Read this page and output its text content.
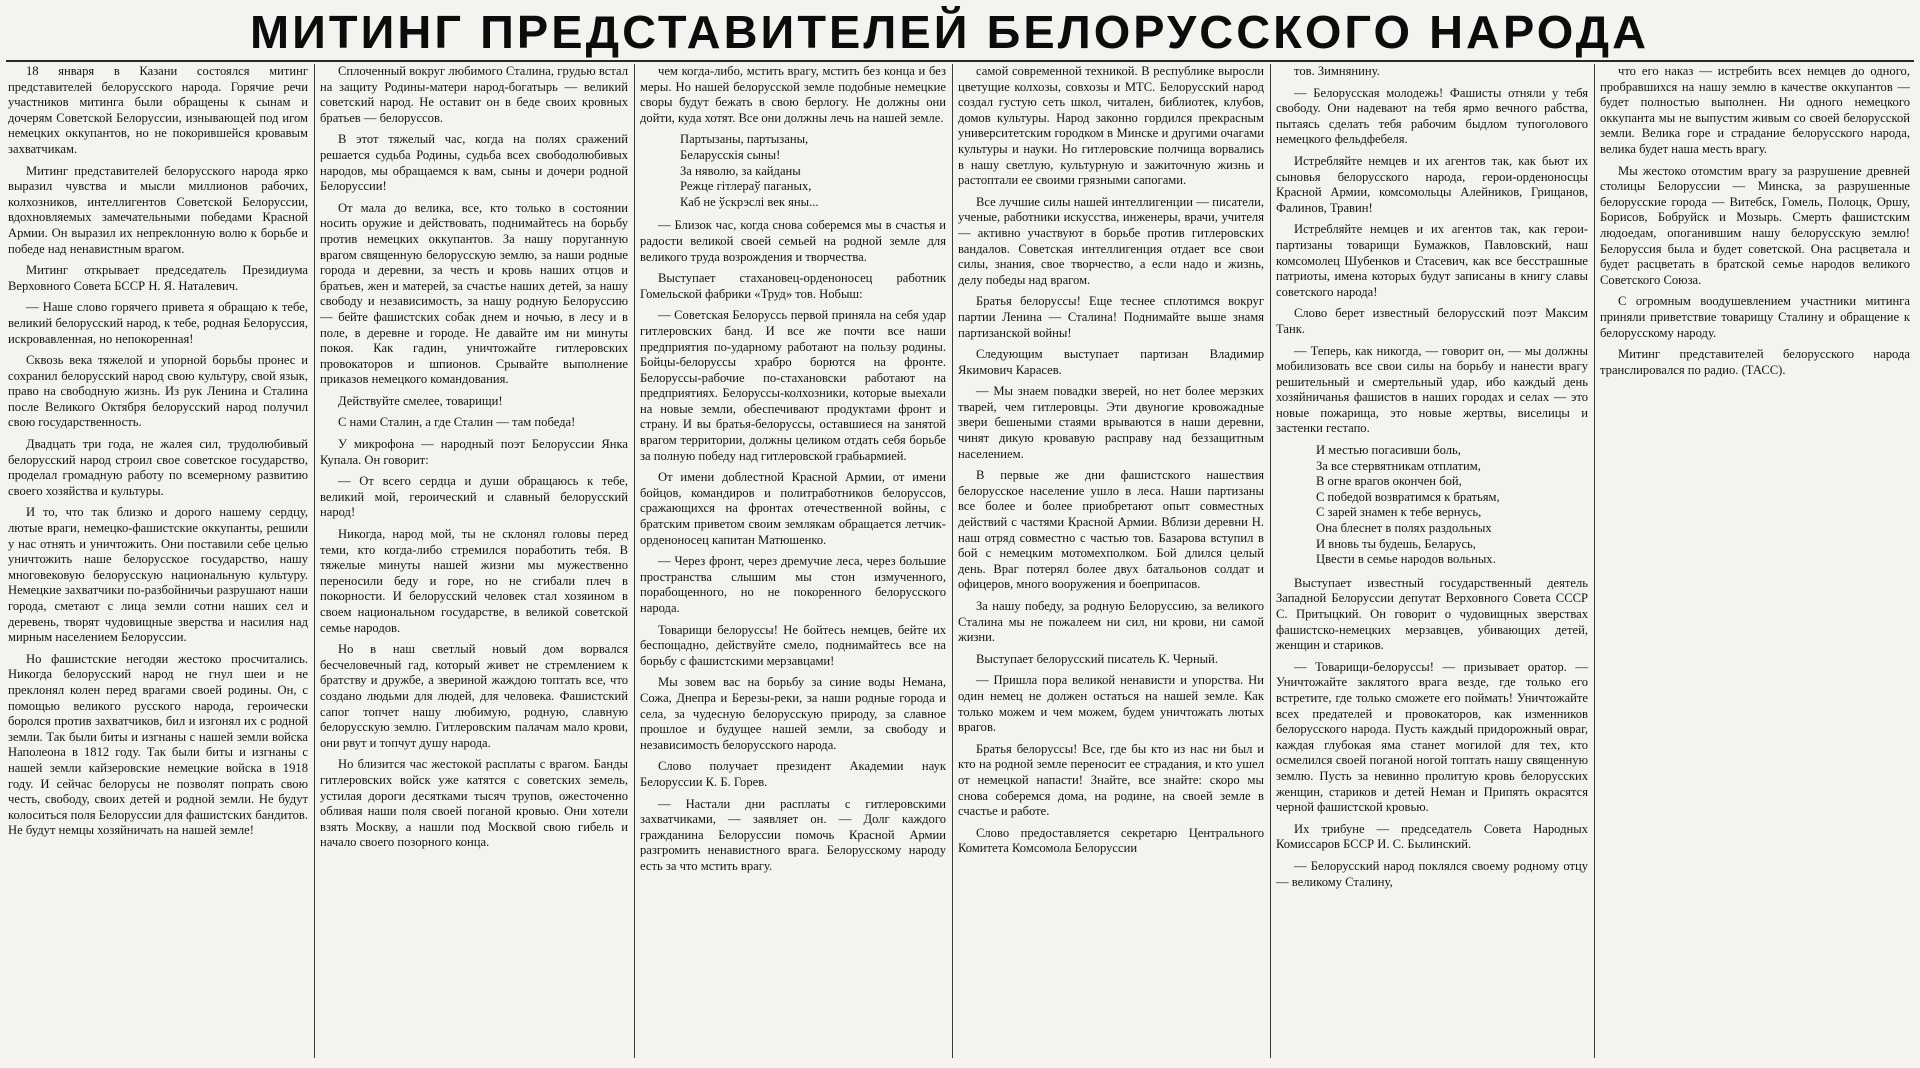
МИТИНГ ПРЕДСТАВИТЕЛЕЙ БЕЛОРУССКОГО НАРОДА

18 января в Казани состоялся митинг представителей белорусского народа. Горячие речи участников митинга были обращены к сынам и дочерям Советской Белоруссии, изнывающей под игом немецких оккупантов, но не покорившейся кровавым захватчикам.

Митинг представителей белорусского народа ярко выразил чувства и мысли миллионов рабочих, колхозников, интеллигентов Советской Белоруссии, вдохновляемых замечательными победами Красной Армии. Он выразил их непреклонную волю к борьбе и победе над ненавистным врагом.

Митинг открывает председатель Президиума Верховного Совета БССР Н. Я. Наталевич.

— Наше слово горячего привета я обращаю к тебе, великий белорусский народ, к тебе, родная Белоруссия, искровавленная, но непокоренная!

Сквозь века тяжелой и упорной борьбы пронес и сохранил белорусский народ свою культуру, свой язык, право на свободную жизнь. Из рук Ленина и Сталина после Великого Октября белорусский народ получил свою государственность.

Двадцать три года, не жалея сил, трудолюбивый белорусский народ строил свое советское государство, проделал громадную работу по всемерному развитию своего хозяйства и культуры.

И то, что так близко и дорого нашему сердцу, лютые враги, немецко-фашистские оккупанты, решили у нас отнять и уничтожить. Они поставили себе целью уничтожить наше белорусское государство, нашу многовековую белорусскую национальную культуру. Немецкие захватчики по-разбойничьи разрушают наши города, сметают с лица земли сотни наших сел и деревень, творят чудовищные зверства и насилия над мирным населением Белоруссии.

Но фашистские негодяи жестоко просчитались. Никогда белорусский народ не гнул шеи и не преклонял колен перед врагами своей родины. Он, с помощью великого русского народа, героически боролся против захватчиков, бил и изгонял их с родной земли. Так были биты и изгнаны с нашей земли войска Наполеона в 1812 году. Так были биты и изгнаны с нашей земли кайзеровские немецкие войска в 1918 году. И сейчас белорусы не позволят попрать свою честь, свободу, своих детей и родной земли. Не будут колоситься поля Белоруссии для фашистских бандитов. Не будут немцы хозяйничать на нашей земле!

Сплоченный вокруг любимого Сталина, грудью встал на защиту Родины-матери народ-богатырь — великий советский народ. Не оставит он в беде своих кровных братьев — белоруссов.

В этот тяжелый час, когда на полях сражений решается судьба Родины, судьба всех свободолюбивых народов, мы обращаемся к вам, сыны и дочери родной Белоруссии!

От мала до велика, все, кто только в состоянии носить оружие и действовать, поднимайтесь на борьбу против немецких оккупантов. За нашу поруганную врагом священную белорусскую землю, за наши родные города и деревни, за честь и кровь наших отцов и братьев, жен и матерей, за счастье наших детей, за нашу свободу и независимость, за нашу родную Белоруссию — бейте фашистских собак днем и ночью, в лесу и в поле, в деревне и городе. Не давайте им ни минуты покоя. Как гадин, уничтожайте гитлеровских провокаторов и шпионов. Срывайте выполнение приказов немецкого командования.

Действуйте смелее, товарищи!

С нами Сталин, а где Сталин — там победа!

У микрофона — народный поэт Белоруссии Янка Купала. Он говорит:

— От всего сердца и души обращаюсь к тебе, великий мой, героический и славный белорусский народ!

Никогда, народ мой, ты не склонял головы перед теми, кто когда-либо стремился поработить тебя. В тяжелые минуты нашей жизни мы мужественно переносили беду и горе, но не сгибали плеч в покорности. И белорусский человек стал хозяином в своем национальном государстве, в великой советской семье народов.

Но в наш светлый новый дом ворвался бесчеловечный гад, который живет не стремлением к братству и дружбе, а звериной жаждою топтать все, что создано людьми для людей, для человека. Фашистский сапог топчет нашу любимую, родную, славную белорусскую землю. Гитлеровским палачам мало крови, они рвут и топчут душу народа.

Но близится час жестокой расплаты с врагом. Банды гитлеровских войск уже катятся с советских земель, устилая дороги десятками тысяч трупов, ожесточенно обливая наши поля своей поганой кровью. Они хотели взять Москву, а нашли под Москвой свою гибель и начало своего позорного конца.

чем когда-либо, мстить врагу, мстить без конца и без меры. Но нашей белорусской земле подобные немецкие своры будут бежать в свою берлогу. Не должны они дойти, куда хотят. Все они должны лечь на нашей земле.

Партызаны, партызаны,
Беларусскія сыны!
За няволю, за кайданы
Режце гітлераў паганых,
Каб не ўскрэслі век яны...

— Близок час, когда снова соберемся мы в счастья и радости великой своей семьей на родной земле для великого труда возрождения и творчества.

Выступает стахановец-орденоносец работник Гомельской фабрики «Труд» тов. Нобыш:

— Советская Белоруссь первой приняла на себя удар гитлеровских банд. И все же почти все наши предприятия по-ударному работают на пользу родины. Бойцы-белоруссы храбро борются на фронте. Белоруссы-рабочие по-стахановски работают на предприятиях. Белоруссы-колхозники, которые выехали на новые земли, обеспечивают продуктами фронт и страну. И вы братья-белоруссы, оставшиеся на занятой врагом территории, должны целиком отдать себя борьбе за полную победу над гитлеровской грабьармией.

От имени доблестной Красной Армии, от имени бойцов, командиров и политработников белоруссов, сражающихся на фронтах отечественной войны, с братским приветом своим землякам обращается летчик-орденоносец капитан Матюшенко.

— Через фронт, через дремучие леса, через большие пространства слышим мы стон измученного, порабощенного, но не покоренного белорусского народа.

Товарищи белоруссы! Не бойтесь немцев, бейте их беспощадно, действуйте смело, поднимайтесь все на борьбу с фашистскими мерзавцами!

Мы зовем вас на борьбу за синие воды Немана, Сожа, Днепра и Березы-реки, за наши родные города и села, за чудесную белорусскую природу, за славное прошлое и будущее нашей земли, за свободу и независимость белорусского народа.

Слово получает президент Академии наук Белоруссии К. Б. Горев.

— Настали дни расплаты с гитлеровскими захватчиками, — заявляет он. — Долг каждого гражданина Белоруссии помочь Красной Армии разгромить ненавистного врага. Белорусскому народу есть за что мстить врагу.

самой современной техникой. В республике выросли цветущие колхозы, совхозы и МТС. Белорусский народ создал густую сеть школ, читален, библиотек, клубов, домов культуры. Народ законно гордился прекрасным университетским городком в Минске и другими очагами культуры и науки. Но гитлеровские полчища ворвались в нашу светлую, культурную и зажиточную жизнь и растоптали ее своими грязными сапогами.

Все лучшие силы нашей интеллигенции — писатели, ученые, работники искусства, инженеры, врачи, учителя — активно участвуют в борьбе против гитлеровских вандалов. Советская интеллигенция отдает все свои силы, знания, свое творчество, а если надо и жизнь, делу победы над врагом.

Братья белоруссы! Еще теснее сплотимся вокруг партии Ленина — Сталина! Поднимайте выше знамя партизанской войны!

Следующим выступает партизан Владимир Якимович Карасев.

— Мы знаем повадки зверей, но нет более мерзких тварей, чем гитлеровцы. Эти двуногие кровожадные звери бешеными стаями врываются в наши деревни, чинят дикую кровавую расправу над беззащитным населением.

В первые же дни фашистского нашествия белорусское население ушло в леса. Наши партизаны все более и более приобретают опыт совместных действий с частями Красной Армии. Вблизи деревни Н. наш отряд совместно с частью тов. Базарова вступил в бой с немецким мотомехполком. Бой длился целый день. Враг потерял более двух батальонов солдат и офицеров, много вооружения и боеприпасов.

За нашу победу, за родную Белоруссию, за великого Сталина мы не пожалеем ни сил, ни крови, ни самой жизни.

Выступает белорусский писатель К. Черный.

— Пришла пора великой ненависти и упорства. Ни один немец не должен остаться на нашей земле. Как только можем и чем можем, будем уничтожать лютых врагов.

Братья белоруссы! Все, где бы кто из нас ни был и кто на родной земле переносит ее страдания, и кто ушел от немецкой напасти! Знайте, все знайте: скоро мы снова соберемся дома, на родине, на своей земле в счастье и работе.

Слово предоставляется секретарю Центрального Комитета Комсомола Белоруссии

тов. Зимнянину.

— Белорусская молодежь! Фашисты отняли у тебя свободу. Они надевают на тебя ярмо вечного рабства, пытаясь сделать тебя рабочим быдлом тупоголового немецкого фельдфебеля.

Истребляйте немцев и их агентов так, как бьют их сыновья белорусского народа, герои-орденоносцы Красной Армии, комсомольцы Алейников, Грищанов, Фалинов, Травин!

Истребляйте немцев и их агентов так, как герои-партизаны товарищи Бумажков, Павловский, наш комсомолец Шубенков и Стасевич, как все бесстрашные патриоты, имена которых будут записаны в книгу славы советского народа!

Слово берет известный белорусский поэт Максим Танк.

— Теперь, как никогда, — говорит он, — мы должны мобилизовать все свои силы на борьбу и нанести врагу решительный и смертельный удар, ибо каждый день хозяйничанья фашистов в наших городах и селах — это новые пожарища, это новые жертвы, виселицы и застенки гестапо.

И местью погасивши боль,
За все стервятникам отплатим,
В огне врагов окончен бой,
С победой возвратимся к братьям,
С зарей знамен к тебе вернусь,
Она блеснет в полях раздольных
И вновь ты будешь, Беларусь,
Цвести в семье народов вольных.

Выступает известный государственный деятель Западной Белоруссии депутат Верховного Совета СССР С. Притыцкий. Он говорит о чудовищных зверствах фашистско-немецких мерзавцев, убивающих детей, женщин и стариков.

— Товарищи-белоруссы! — призывает оратор. — Уничтожайте заклятого врага везде, где только его встретите, где только сможете его поймать! Уничтожайте всех предателей и провокаторов, как изменников белорусского народа. Пусть каждый придорожный овраг, каждая глубокая яма станет могилой для тех, кто осмелился своей поганой ногой топтать нашу священную землю. Пусть за невинно пролитую кровь белорусских женщин, стариков и детей Неман и Припять окрасятся черной фашистской кровью.

Их трибуне — председатель Совета Народных Комиссаров БССР И. С. Былинский.

— Белорусский народ поклялся своему родному отцу — великому Сталину,

что его наказ — истребить всех немцев до одного, пробравшихся на нашу землю в качестве оккупантов — будет полностью выполнен. Ни одного немецкого оккупанта мы не выпустим живым со своей белорусской земли. Велика горе и страдание белорусского народа, велика будет наша месть врагу.

Мы жестоко отомстим врагу за разрушение древней столицы Белоруссии — Минска, за разрушенные белорусские города — Витебск, Гомель, Полоцк, Оршу, Борисов, Бобруйск и Мозырь. Смерть фашистским людоедам, опоганившим нашу белорусскую землю! Белоруссия была и будет советской. Она расцветала и будет расцветать в братской семье народов великого Советского Союза.

С огромным воодушевлением участники митинга приняли приветствие товарищу Сталину и обращение к белорусскому народу.

Митинг представителей белорусского народа транслировался по радио. (ТАСС).
